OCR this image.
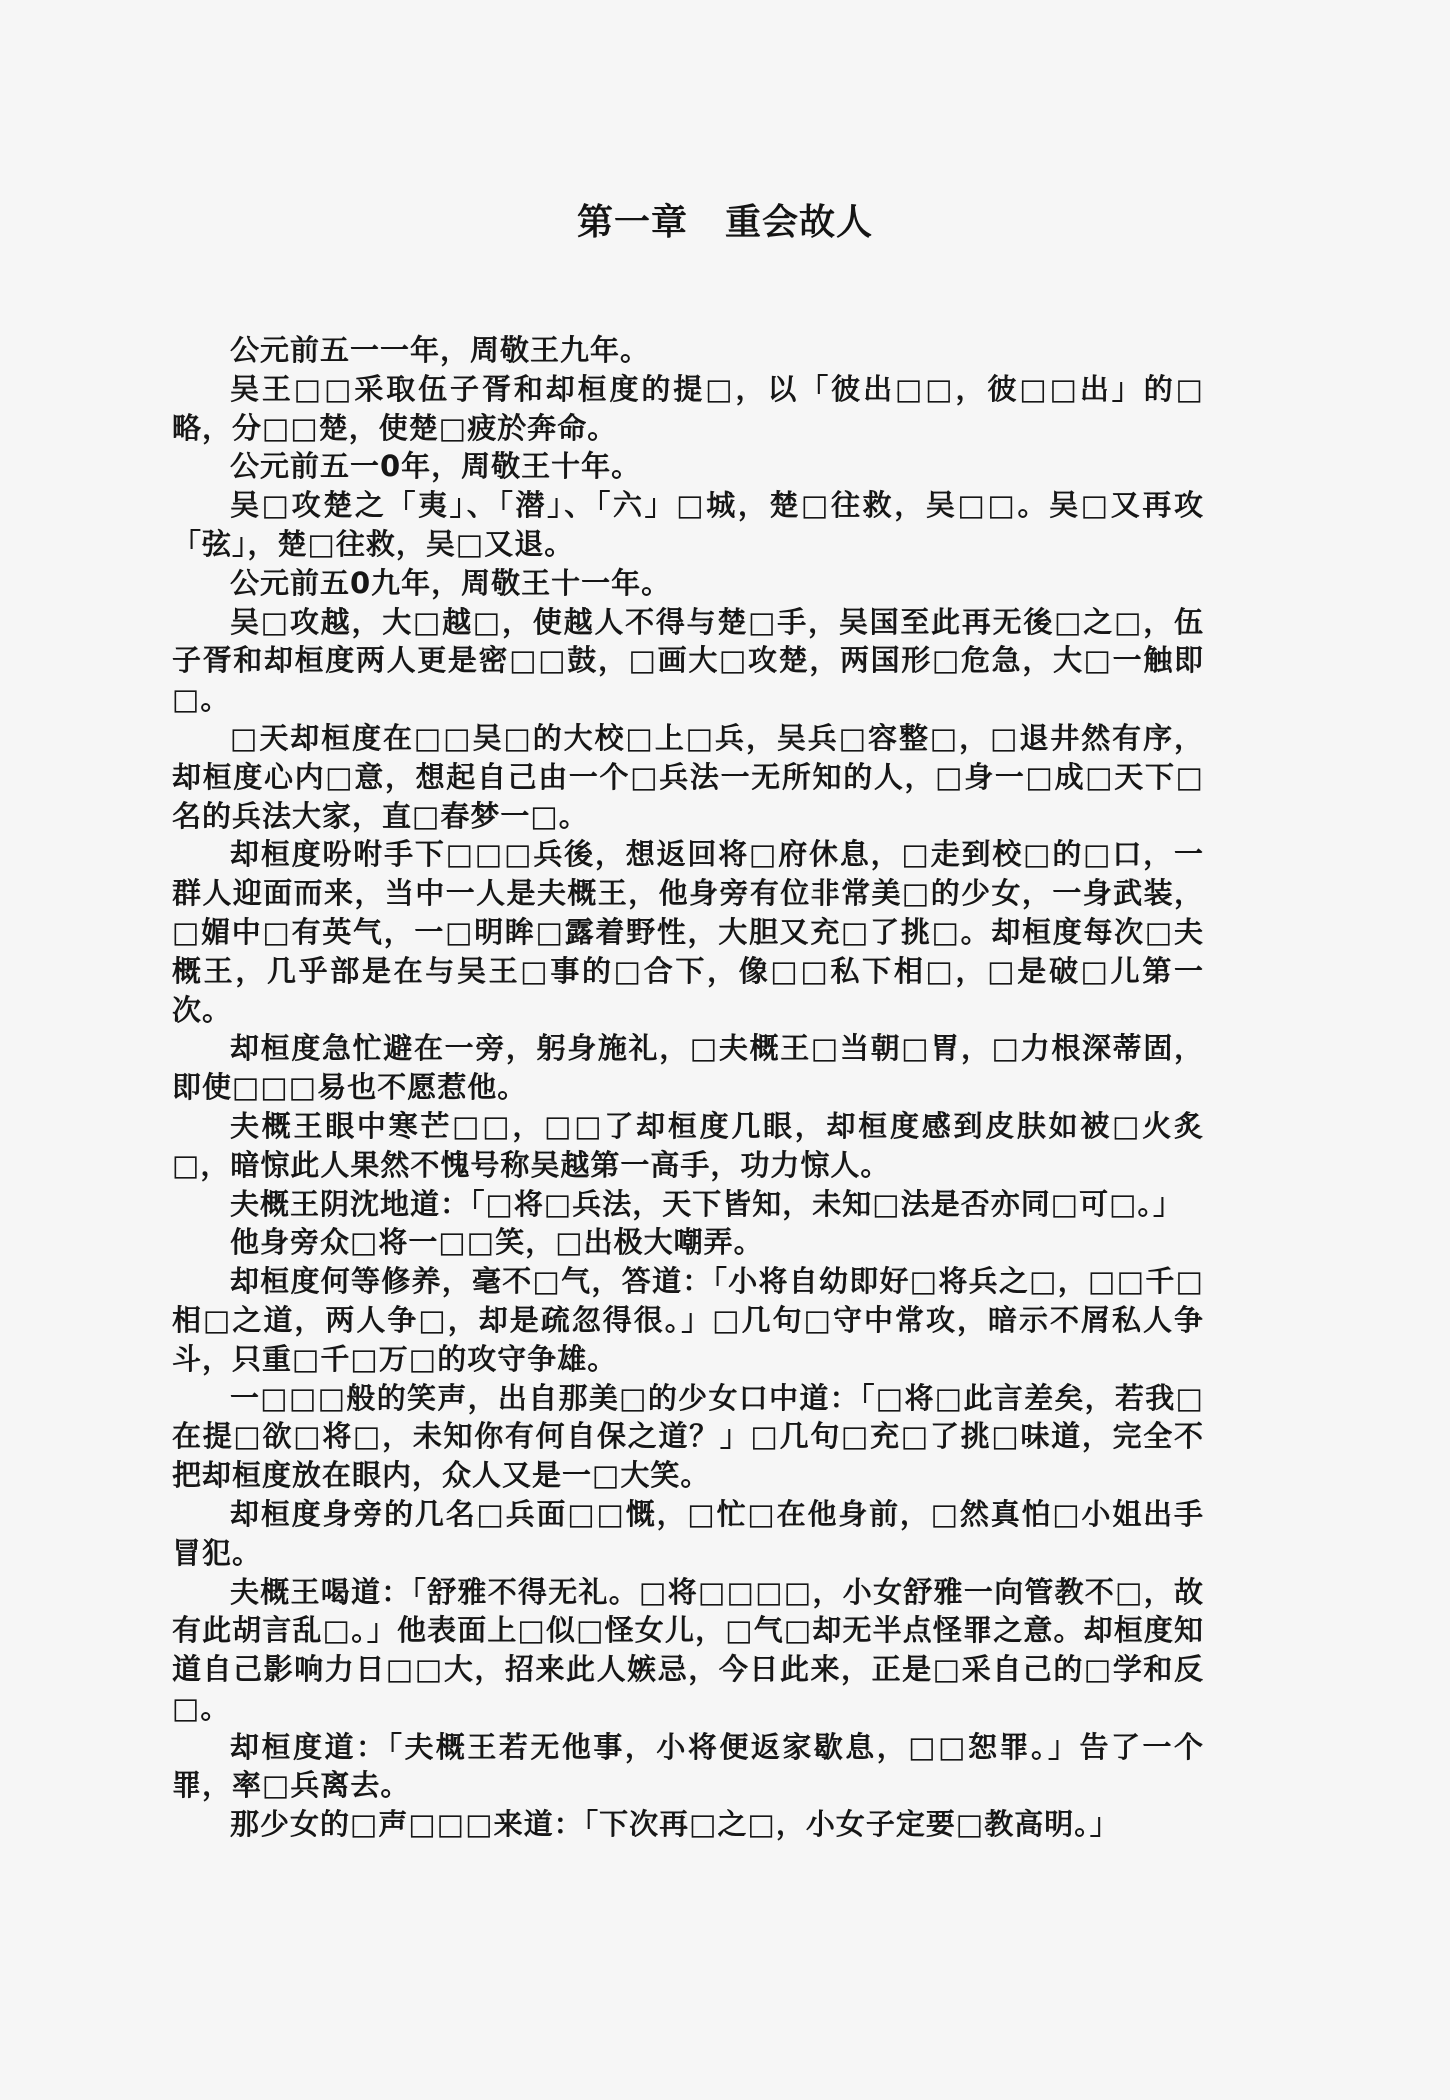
第一章　重会故人

公元前五一一年，周敬王九年。

吴王□□采取伍子胥和却桓度的提□，以「彼出□□，彼□□出」的□略，分□□楚，使楚□疲於奔命。

公元前五一0年，周敬王十年。

吴□攻楚之「夷」、「潜」、「六」□城，楚□往救，吴□□。吴□又再攻「弦」，楚□往救，吴□又退。

公元前五0九年，周敬王十一年。

吴□攻越，大□越□，使越人不得与楚□手，吴国至此再无後□之□，伍子胥和却桓度两人更是密□□鼓，□画大□攻楚，两国形□危急，大□一触即□。

□天却桓度在□□吴□的大校□上□兵，吴兵□容整□，□退井然有序，却桓度心内□意，想起自己由一个□兵法一无所知的人，□身一□成□天下□名的兵法大家，直□春梦一□。

却桓度吩咐手下□□□兵後，想返回将□府休息，□走到校□的□口，一群人迎面而来，当中一人是夫概王，他身旁有位非常美□的少女，一身武装，□媚中□有英气，一□明眸□露着野性，大胆又充□了挑□。却桓度每次□夫概王，几乎部是在与吴王□事的□合下，像□□私下相□，□是破□儿第一次。

却桓度急忙避在一旁，躬身施礼，□夫概王□当朝□胃，□力根深蒂固，即使□□□易也不愿惹他。

夫概王眼中寒芒□□，□□了却桓度几眼，却桓度感到皮肤如被□火炙□，暗惊此人果然不愧号称吴越第一高手，功力惊人。

夫概王阴沈地道：「□将□兵法，天下皆知，未知□法是否亦同□可□。」

他身旁众□将一□□笑，□出极大嘲弄。

却桓度何等修养，毫不□气，答道：「小将自幼即好□将兵之□，□□千□相□之道，两人争□，却是疏忽得很。」□几句□守中常攻，暗示不屑私人争斗，只重□千□万□的攻守争雄。

一□□□般的笑声，出自那美□的少女口中道：「□将□此言差矣，若我□在提□欲□将□，未知你有何自保之道？」□几句□充□了挑□味道，完全不把却桓度放在眼内，众人又是一□大笑。

却桓度身旁的几名□兵面□□慨，□忙□在他身前，□然真怕□小姐出手冒犯。

夫概王喝道：「舒雅不得无礼。□将□□□□，小女舒雅一向管教不□，故有此胡言乱□。」他表面上□似□怪女儿，□气□却无半点怪罪之意。却桓度知道自己影响力日□□大，招来此人嫉忌，今日此来，正是□采自己的□学和反□。

却桓度道：「夫概王若无他事，小将便返家歇息，□□恕罪。」告了一个罪，率□兵离去。

那少女的□声□□□来道：「下次再□之□，小女子定要□教高明。」
